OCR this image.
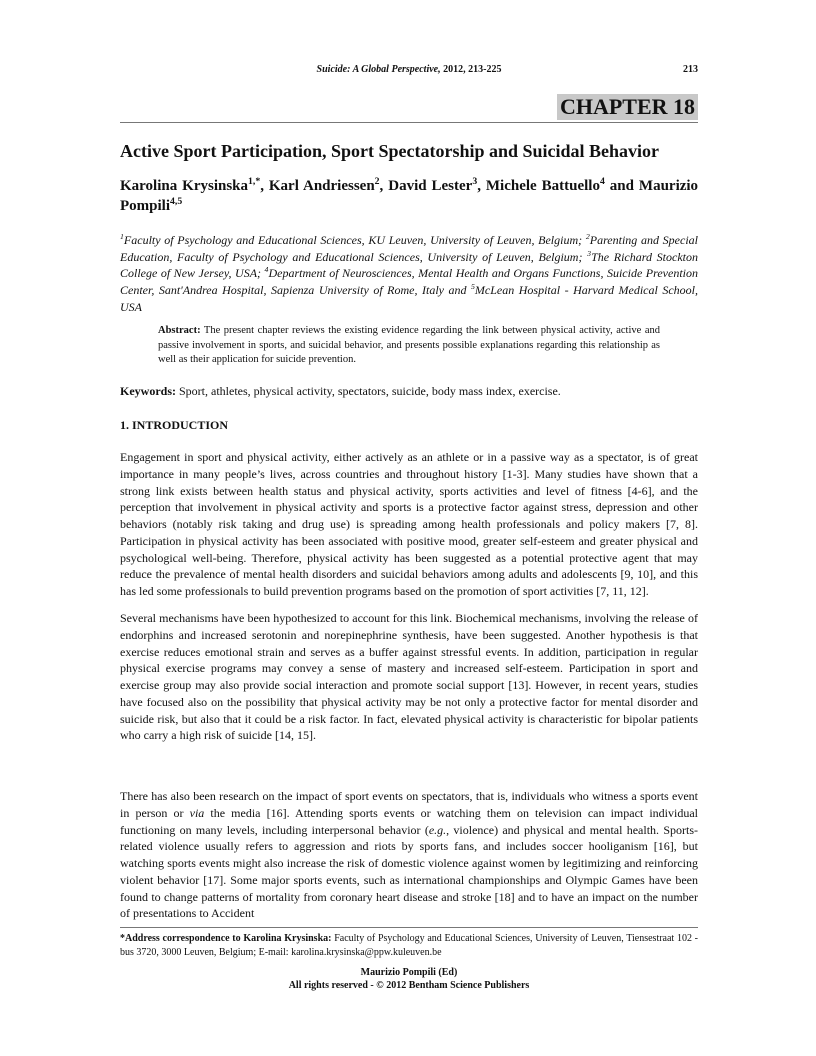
Suicide: A Global Perspective, 2012, 213-225	213
CHAPTER 18
Active Sport Participation, Sport Spectatorship and Suicidal Behavior
Karolina Krysinska$^{1,*}$, Karl Andriessen$^2$, David Lester$^3$, Michele Battuello$^4$ and Maurizio Pompili$^{4,5}$
$^1$Faculty of Psychology and Educational Sciences, KU Leuven, University of Leuven, Belgium; $^2$Parenting and Special Education, Faculty of Psychology and Educational Sciences, University of Leuven, Belgium; $^3$The Richard Stockton College of New Jersey, USA; $^4$Department of Neurosciences, Mental Health and Organs Functions, Suicide Prevention Center, Sant'Andrea Hospital, Sapienza University of Rome, Italy and $^5$McLean Hospital - Harvard Medical School, USA
Abstract: The present chapter reviews the existing evidence regarding the link between physical activity, active and passive involvement in sports, and suicidal behavior, and presents possible explanations regarding this relationship as well as their application for suicide prevention.
Keywords: Sport, athletes, physical activity, spectators, suicide, body mass index, exercise.
1. INTRODUCTION
Engagement in sport and physical activity, either actively as an athlete or in a passive way as a spectator, is of great importance in many people’s lives, across countries and throughout history [1-3]. Many studies have shown that a strong link exists between health status and physical activity, sports activities and level of fitness [4-6], and the perception that involvement in physical activity and sports is a protective factor against stress, depression and other behaviors (notably risk taking and drug use) is spreading among health professionals and policy makers [7, 8]. Participation in physical activity has been associated with positive mood, greater self-esteem and greater physical and psychological well-being. Therefore, physical activity has been suggested as a potential protective agent that may reduce the prevalence of mental health disorders and suicidal behaviors among adults and adolescents [9, 10], and this has led some professionals to build prevention programs based on the promotion of sport activities [7, 11, 12].
Several mechanisms have been hypothesized to account for this link. Biochemical mechanisms, involving the release of endorphins and increased serotonin and norepinephrine synthesis, have been suggested. Another hypothesis is that exercise reduces emotional strain and serves as a buffer against stressful events. In addition, participation in regular physical exercise programs may convey a sense of mastery and increased self-esteem. Participation in sport and exercise group may also provide social interaction and promote social support [13]. However, in recent years, studies have focused also on the possibility that physical activity may be not only a protective factor for mental disorder and suicide risk, but also that it could be a risk factor. In fact, elevated physical activity is characteristic for bipolar patients who carry a high risk of suicide [14, 15].
There has also been research on the impact of sport events on spectators, that is, individuals who witness a sports event in person or via the media [16]. Attending sports events or watching them on television can impact individual functioning on many levels, including interpersonal behavior (e.g., violence) and physical and mental health. Sports-related violence usually refers to aggression and riots by sports fans, and includes soccer hooliganism [16], but watching sports events might also increase the risk of domestic violence against women by legitimizing and reinforcing violent behavior [17]. Some major sports events, such as international championships and Olympic Games have been found to change patterns of mortality from coronary heart disease and stroke [18] and to have an impact on the number of presentations to Accident
*Address correspondence to Karolina Krysinska: Faculty of Psychology and Educational Sciences, University of Leuven, Tiensestraat 102 - bus 3720, 3000 Leuven, Belgium; E-mail: karolina.krysinska@ppw.kuleuven.be
Maurizio Pompili (Ed)
All rights reserved - © 2012 Bentham Science Publishers
